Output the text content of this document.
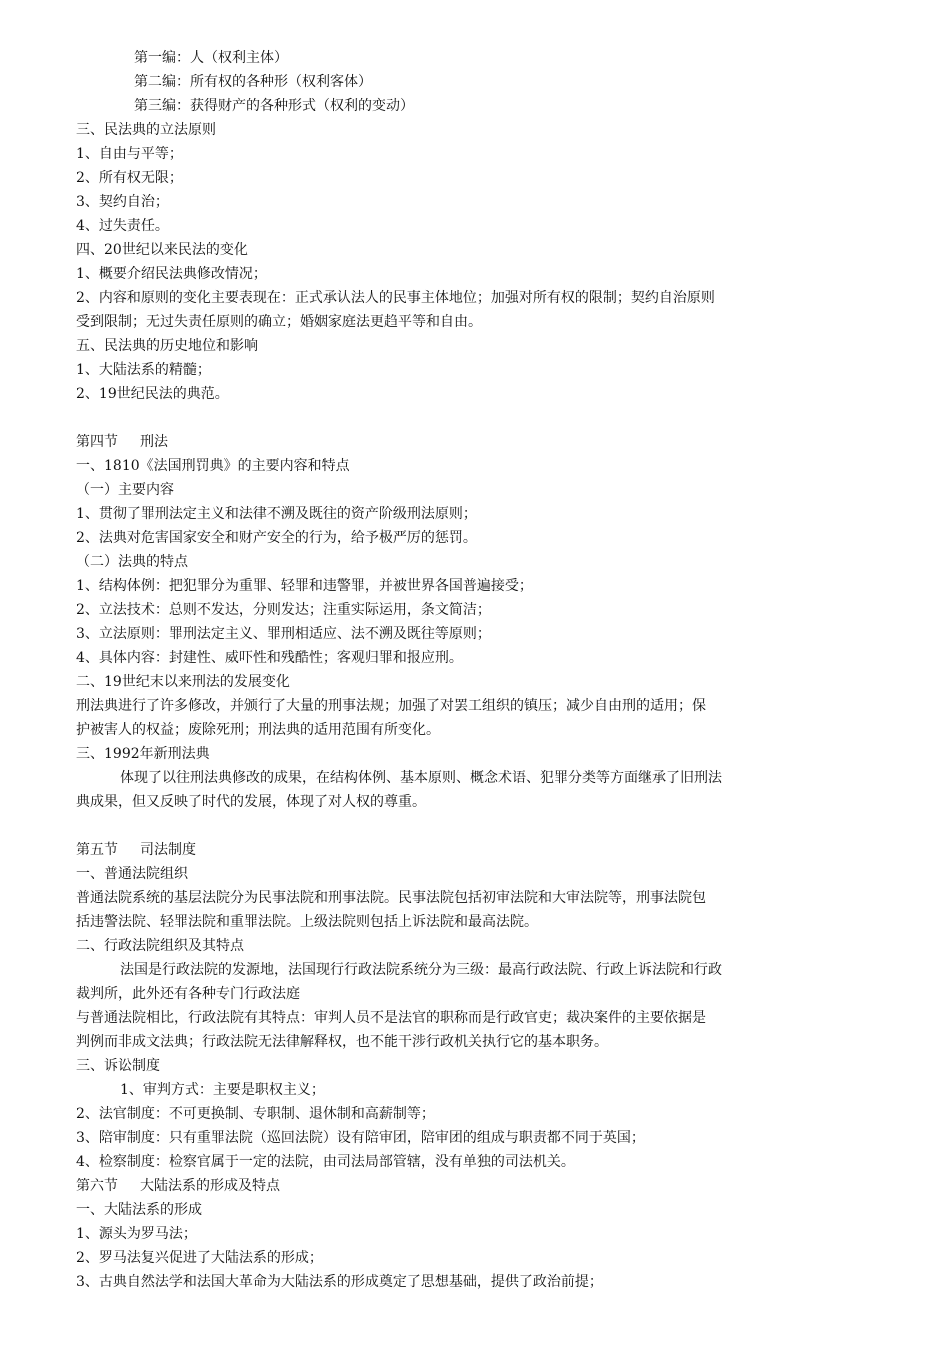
第一编：人（权利主体）

第二编：所有权的各种形（权利客体）

第三编：获得财产的各种形式（权利的变动）

三、民法典的立法原则

1、自由与平等；

2、所有权无限；

3、契约自治；

4、过失责任。

四、20世纪以来民法的变化

1、概要介绍民法典修改情况；

2、内容和原则的变化主要表现在：正式承认法人的民事主体地位；加强对所有权的限制；契约自治原则

受到限制；无过失责任原则的确立；婚姻家庭法更趋平等和自由。

五、民法典的历史地位和影响

1、大陆法系的精髓；

2、19世纪民法的典范。

第四节 刑法

一、1810《法国刑罚典》的主要内容和特点

（一）主要内容

1、贯彻了罪刑法定主义和法律不溯及既往的资产阶级刑法原则；

2、法典对危害国家安全和财产安全的行为，给予极严厉的惩罚。

（二）法典的特点

1、结构体例：把犯罪分为重罪、轻罪和违警罪，并被世界各国普遍接受；

2、立法技术：总则不发达，分则发达；注重实际运用，条文简洁；

3、立法原则：罪刑法定主义、罪刑相适应、法不溯及既往等原则；

4、具体内容：封建性、威吓性和残酷性；客观归罪和报应刑。

二、19世纪末以来刑法的发展变化

刑法典进行了许多修改，并颁行了大量的刑事法规；加强了对罢工组织的镇压；减少自由刑的适用；保

护被害人的权益；废除死刑；刑法典的适用范围有所变化。

三、1992年新刑法典

体现了以往刑法典修改的成果，在结构体例、基本原则、概念术语、犯罪分类等方面继承了旧刑法

典成果，但又反映了时代的发展，体现了对人权的尊重。

第五节 司法制度

一、普通法院组织

普通法院系统的基层法院分为民事法院和刑事法院。民事法院包括初审法院和大审法院等，刑事法院包

括违警法院、轻罪法院和重罪法院。上级法院则包括上诉法院和最高法院。

二、行政法院组织及其特点

法国是行政法院的发源地，法国现行行政法院系统分为三级：最高行政法院、行政上诉法院和行政

裁判所，此外还有各种专门行政法庭

与普通法院相比，行政法院有其特点：审判人员不是法官的职称而是行政官吏；裁决案件的主要依据是

判例而非成文法典；行政法院无法律解释权，也不能干涉行政机关执行它的基本职务。

三、诉讼制度

1、审判方式：主要是职权主义；

2、法官制度：不可更换制、专职制、退休制和高薪制等；

3、陪审制度：只有重罪法院（巡回法院）设有陪审团，陪审团的组成与职责都不同于英国；

4、检察制度：检察官属于一定的法院，由司法局部管辖，没有单独的司法机关。

第六节 大陆法系的形成及特点

一、大陆法系的形成

1、源头为罗马法；

2、罗马法复兴促进了大陆法系的形成；

3、古典自然法学和法国大革命为大陆法系的形成奠定了思想基础，提供了政治前提；
